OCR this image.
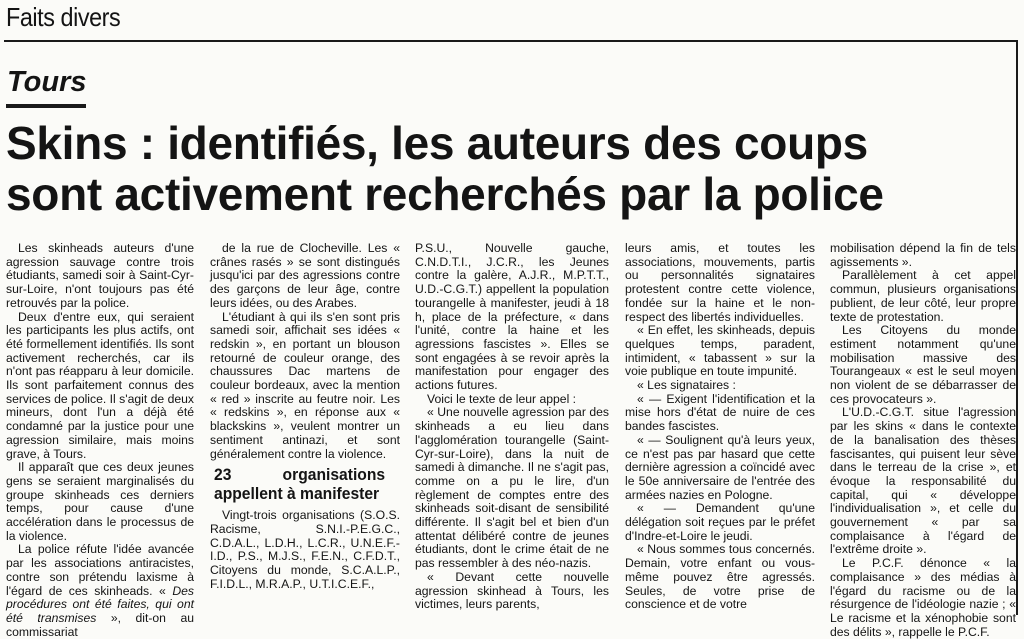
Faits divers
Tours
Skins : identifiés, les auteurs des coups
sont activement recherchés par la police

Les skinheads auteurs d'une agression sauvage contre trois étudiants, samedi soir à Saint-Cyr-sur-Loire, n'ont toujours pas été retrouvés par la police.

Deux d'entre eux, qui seraient les participants les plus actifs, ont été formellement identifiés. Ils sont activement recherchés, car ils n'ont pas réapparu à leur domicile. Ils sont parfaitement connus des services de police. Il s'agit de deux mineurs, dont l'un a déjà été condamné par la justice pour une agression similaire, mais moins grave, à Tours.

Il apparaît que ces deux jeunes gens se seraient marginalisés du groupe skinheads ces derniers temps, pour cause d'une accélération dans le processus de la violence.

La police réfute l'idée avancée par les associations antiracistes, contre son prétendu laxisme à l'égard de ces skinheads. « Des procédures ont été faites, qui ont été transmises », dit-on au commissariat

de la rue de Clocheville. Les « crânes rasés » se sont distingués jusqu'ici par des agressions contre des garçons de leur âge, contre leurs idées, ou des Arabes.

L'étudiant à qui ils s'en sont pris samedi soir, affichait ses idées « redskin », en portant un blouson retourné de couleur orange, des chaussures Dac martens de couleur bordeaux, avec la mention « red » inscrite au feutre noir. Les « redskins », en réponse aux « blackskins », veulent montrer un sentiment antinazi, et sont généralement contre la violence.

23 organisations appellent à manifester

Vingt-trois organisations (S.O.S. Racisme, S.N.I.-P.E.G.C., C.D.A.L., L.D.H., L.C.R., U.N.E.F.-I.D., P.S., M.J.S., F.E.N., C.F.D.T., Citoyens du monde, S.C.A.L.P., F.I.D.L., M.R.A.P., U.T.I.C.E.F.,

P.S.U., Nouvelle gauche, C.N.D.T.I., J.C.R., les Jeunes contre la galère, A.J.R., M.P.T.T., U.D.-C.G.T.) appellent la population tourangelle à manifester, jeudi à 18 h, place de la préfecture, « dans l'unité, contre la haine et les agressions fascistes ». Elles se sont engagées à se revoir après la manifestation pour engager des actions futures.

Voici le texte de leur appel :

« Une nouvelle agression par des skinheads a eu lieu dans l'agglomération tourangelle (Saint-Cyr-sur-Loire), dans la nuit de samedi à dimanche. Il ne s'agit pas, comme on a pu le lire, d'un règlement de comptes entre des skinheads soit-disant de sensibilité différente. Il s'agit bel et bien d'un attentat délibéré contre de jeunes étudiants, dont le crime était de ne pas ressembler à des néo-nazis.

« Devant cette nouvelle agression skinhead à Tours, les victimes, leurs parents,

leurs amis, et toutes les associations, mouvements, partis ou personnalités signataires protestent contre cette violence, fondée sur la haine et le non-respect des libertés individuelles.

« En effet, les skinheads, depuis quelques temps, paradent, intimident, « tabassent » sur la voie publique en toute impunité.

« Les signataires :

« — Exigent l'identification et la mise hors d'état de nuire de ces bandes fascistes.

« — Soulignent qu'à leurs yeux, ce n'est pas par hasard que cette dernière agression a coïncidé avec le 50e anniversaire de l'entrée des armées nazies en Pologne.

« — Demandent qu'une délégation soit reçues par le préfet d'Indre-et-Loire le jeudi.

« Nous sommes tous concernés. Demain, votre enfant ou vous-même pouvez être agressés. Seules, de votre prise de conscience et de votre

mobilisation dépend la fin de tels agissements ».

Parallèlement à cet appel commun, plusieurs organisations publient, de leur côté, leur propre texte de protestation.

Les Citoyens du monde estiment notamment qu'une mobilisation massive des Tourangeaux « est le seul moyen non violent de se débarrasser de ces provocateurs ».

L'U.D.-C.G.T. situe l'agression par les skins « dans le contexte de la banalisation des thèses fascisantes, qui puisent leur sève dans le terreau de la crise », et évoque la responsabilité du capital, qui « développe l'individualisation », et celle du gouvernement « par sa complaisance à l'égard de l'extrême droite ».

Le P.C.F. dénonce « la complaisance » des médias à l'égard du racisme ou de la résurgence de l'idéologie nazie ; « Le racisme et la xénophobie sont des délits », rappelle le P.C.F.
